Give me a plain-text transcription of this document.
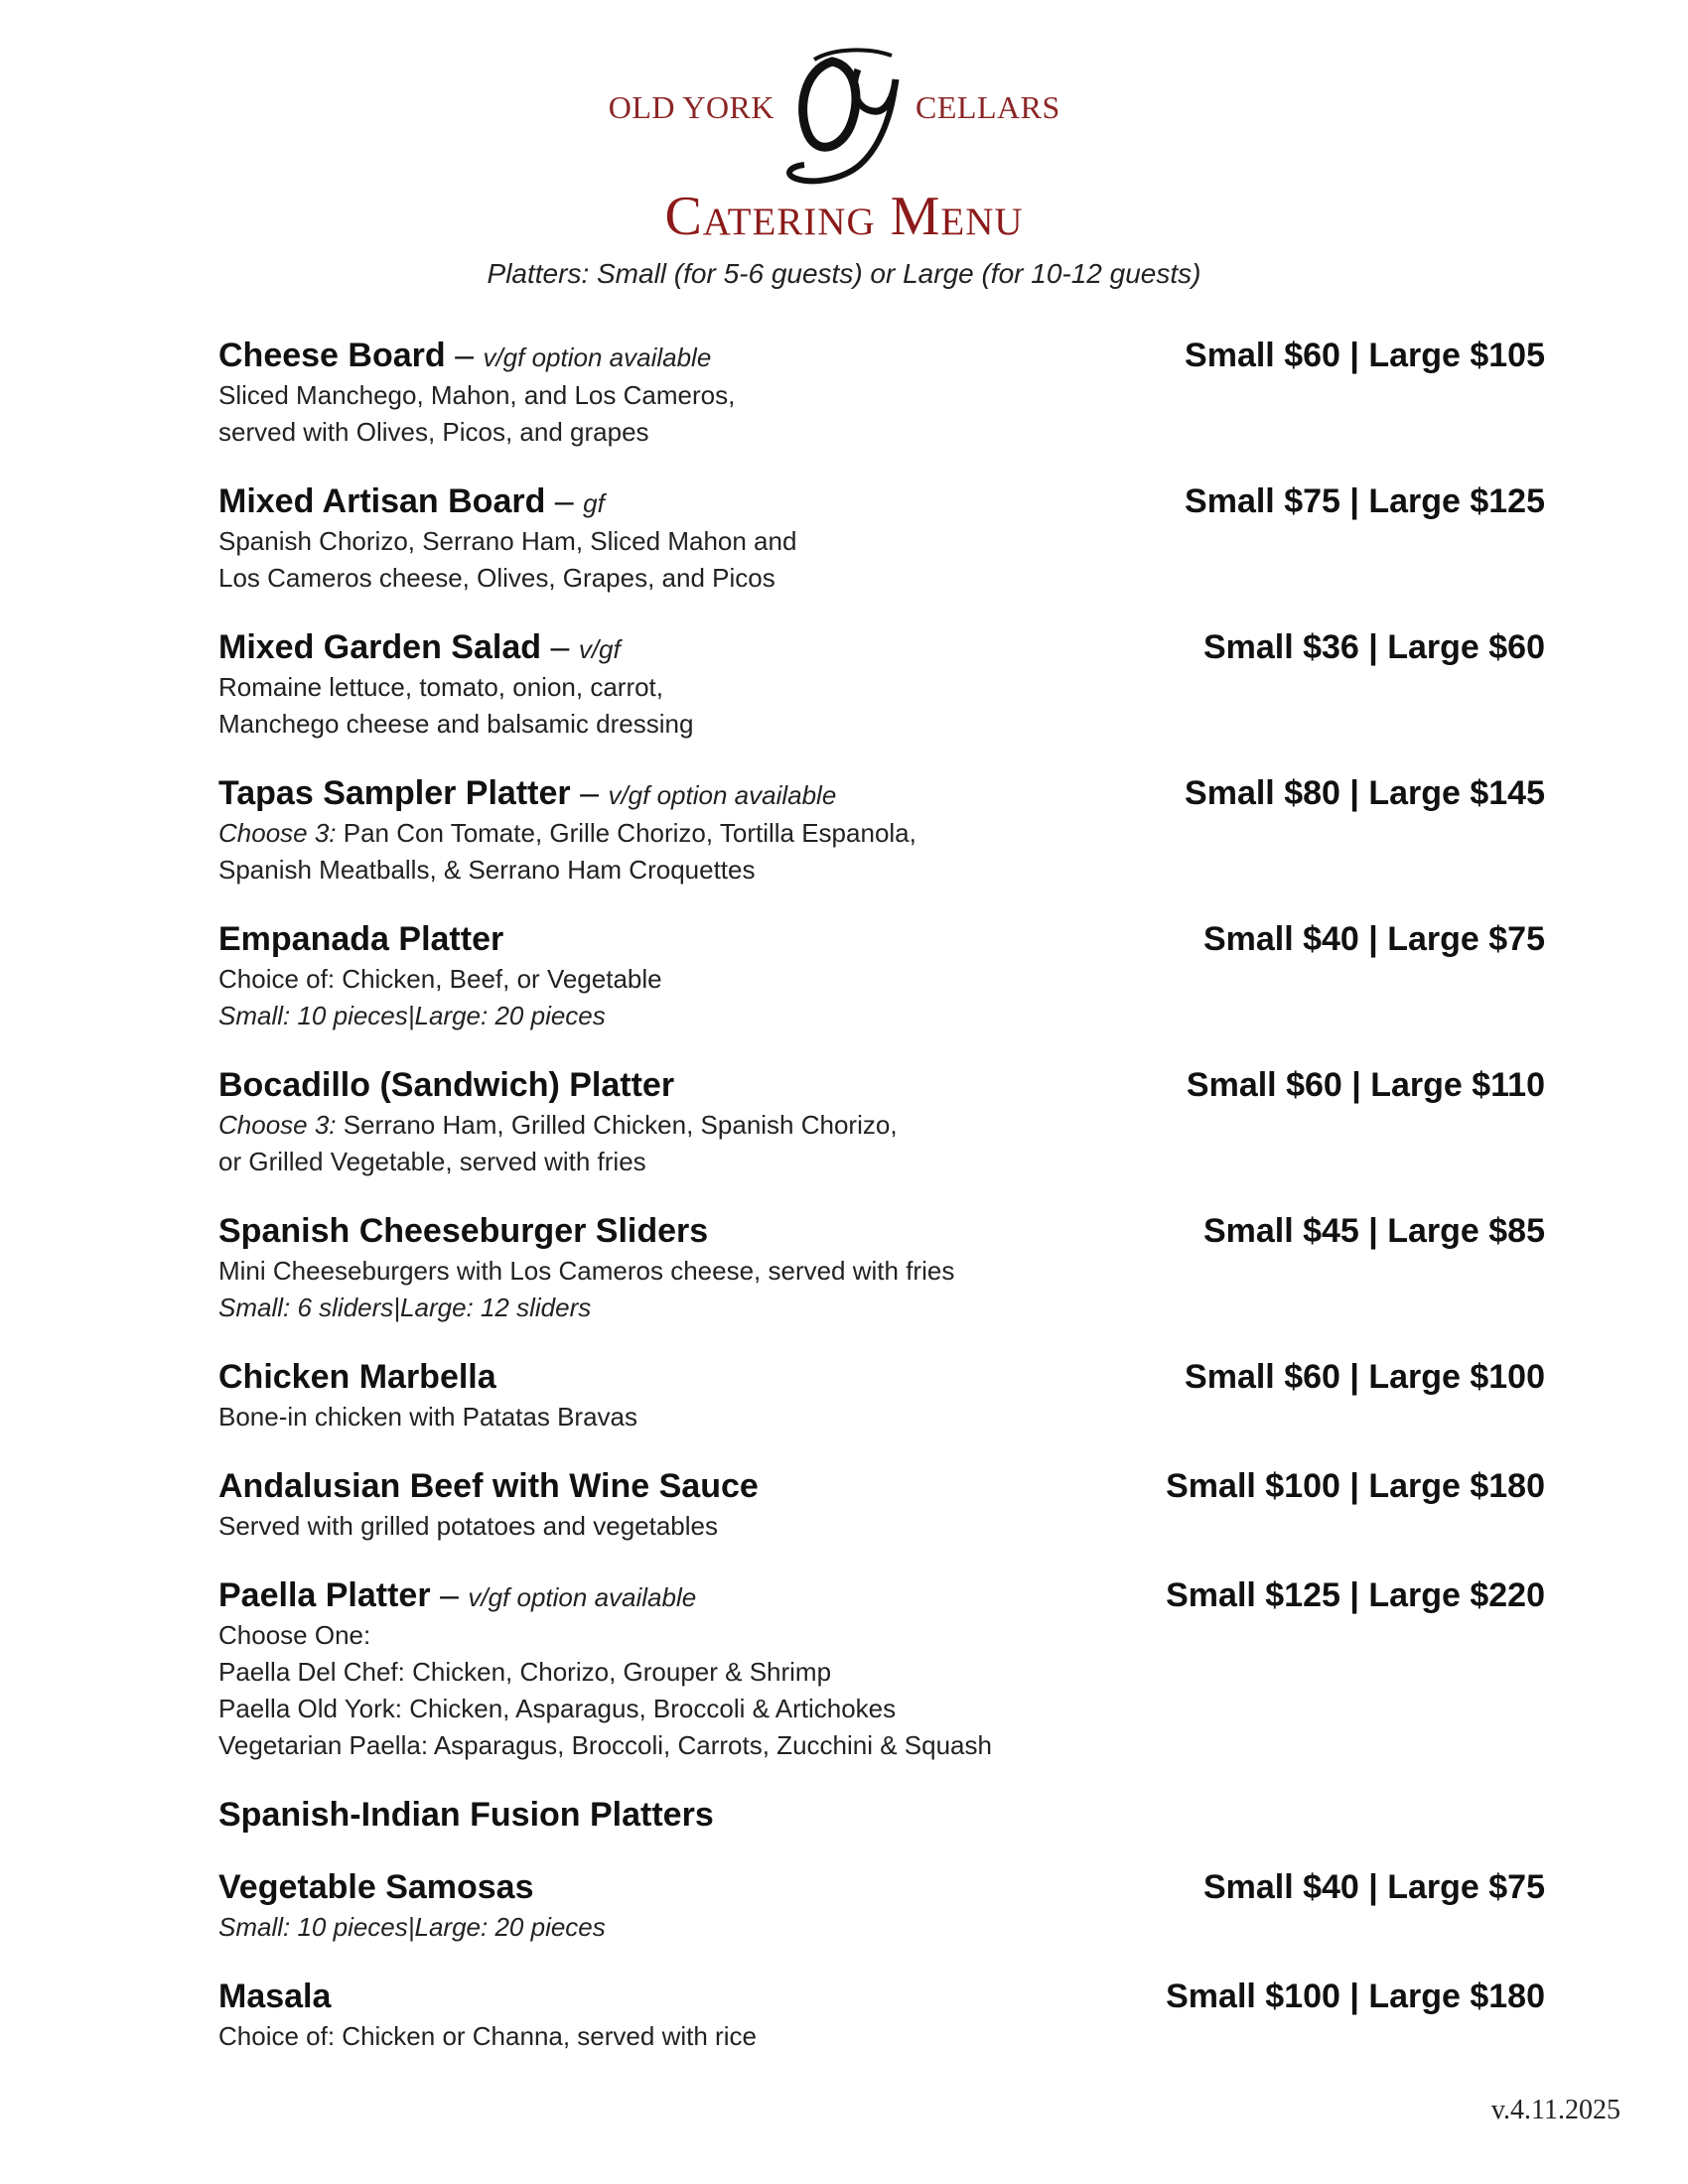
OLD YORK	CELLARS
Catering Menu
Platters: Small (for 5-6 guests) or Large (for 10-12 guests)
Cheese Board – v/gf option available	Small $60 | Large $105
Sliced Manchego, Mahon, and Los Cameros,
served with Olives, Picos, and grapes
Mixed Artisan Board – gf	Small $75 | Large $125
Spanish Chorizo, Serrano Ham, Sliced Mahon and
Los Cameros cheese, Olives, Grapes, and Picos
Mixed Garden Salad – v/gf	Small $36 | Large $60
Romaine lettuce, tomato, onion, carrot,
Manchego cheese and balsamic dressing
Tapas Sampler Platter – v/gf option available	Small $80 | Large $145
Choose 3: Pan Con Tomate, Grille Chorizo, Tortilla Espanola,
Spanish Meatballs, & Serrano Ham Croquettes
Empanada Platter	Small $40 | Large $75
Choice of: Chicken, Beef, or Vegetable
Small: 10 pieces|Large: 20 pieces
Bocadillo (Sandwich) Platter	Small $60 | Large $110
Choose 3: Serrano Ham, Grilled Chicken, Spanish Chorizo,
or Grilled Vegetable, served with fries
Spanish Cheeseburger Sliders	Small $45 | Large $85
Mini Cheeseburgers with Los Cameros cheese, served with fries
Small: 6 sliders|Large: 12 sliders
Chicken Marbella	Small $60 | Large $100
Bone-in chicken with Patatas Bravas
Andalusian Beef with Wine Sauce	Small $100 | Large $180
Served with grilled potatoes and vegetables
Paella Platter – v/gf option available	Small $125 | Large $220
Choose One:
Paella Del Chef: Chicken, Chorizo, Grouper & Shrimp
Paella Old York: Chicken, Asparagus, Broccoli & Artichokes
Vegetarian Paella: Asparagus, Broccoli, Carrots, Zucchini & Squash
Spanish-Indian Fusion Platters
Vegetable Samosas	Small $40 | Large $75
Small: 10 pieces|Large: 20 pieces
Masala	Small $100 | Large $180
Choice of: Chicken or Channa, served with rice
v.4.11.2025
